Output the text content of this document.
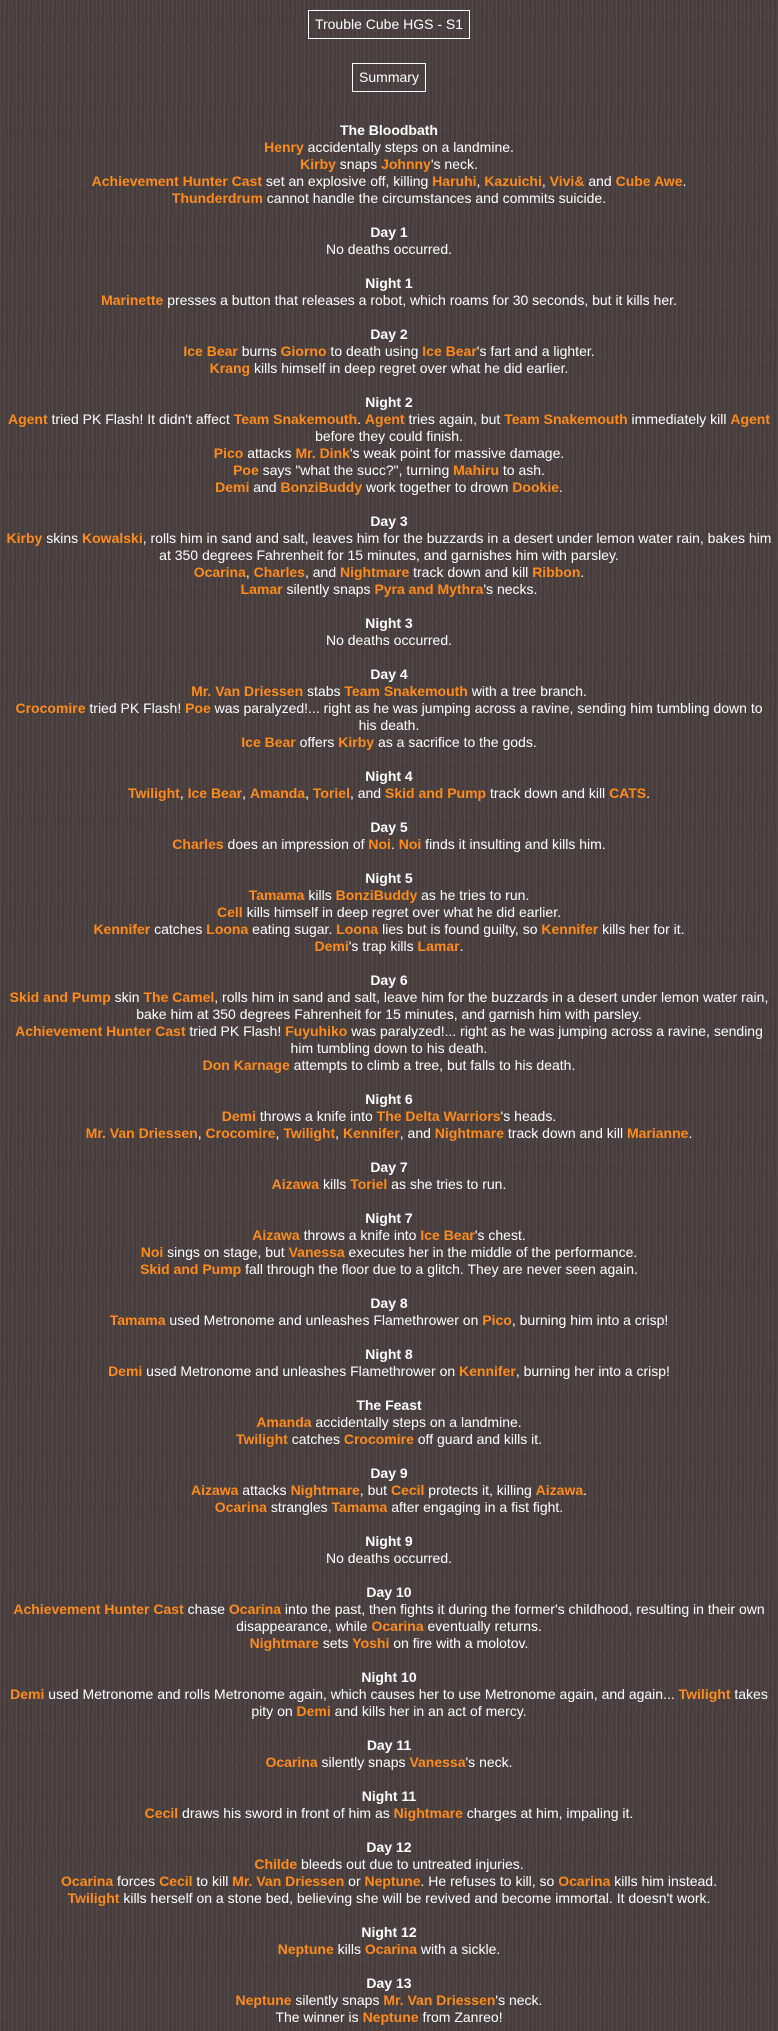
Trouble Cube HGS - S1
Summary
The Bloodbath
Henry accidentally steps on a landmine.
Kirby snaps Johnny's neck.
Achievement Hunter Cast set an explosive off, killing Haruhi, Kazuichi, Vivi& and Cube Awe.
Thunderdrum cannot handle the circumstances and commits suicide.
Day 1
No deaths occurred.
Night 1
Marinette presses a button that releases a robot, which roams for 30 seconds, but it kills her.
Day 2
Ice Bear burns Giorno to death using Ice Bear's fart and a lighter.
Krang kills himself in deep regret over what he did earlier.
Night 2
Agent tried PK Flash! It didn't affect Team Snakemouth. Agent tries again, but Team Snakemouth immediately kill Agent before they could finish.
Pico attacks Mr. Dink's weak point for massive damage.
Poe says "what the succ?", turning Mahiru to ash.
Demi and BonziBuddy work together to drown Dookie.
Day 3
Kirby skins Kowalski, rolls him in sand and salt, leaves him for the buzzards in a desert under lemon water rain, bakes him at 350 degrees Fahrenheit for 15 minutes, and garnishes him with parsley.
Ocarina, Charles, and Nightmare track down and kill Ribbon.
Lamar silently snaps Pyra and Mythra's necks.
Night 3
No deaths occurred.
Day 4
Mr. Van Driessen stabs Team Snakemouth with a tree branch.
Crocomire tried PK Flash! Poe was paralyzed!... right as he was jumping across a ravine, sending him tumbling down to his death.
Ice Bear offers Kirby as a sacrifice to the gods.
Night 4
Twilight, Ice Bear, Amanda, Toriel, and Skid and Pump track down and kill CATS.
Day 5
Charles does an impression of Noi. Noi finds it insulting and kills him.
Night 5
Tamama kills BonziBuddy as he tries to run.
Cell kills himself in deep regret over what he did earlier.
Kennifer catches Loona eating sugar. Loona lies but is found guilty, so Kennifer kills her for it.
Demi's trap kills Lamar.
Day 6
Skid and Pump skin The Camel, rolls him in sand and salt, leave him for the buzzards in a desert under lemon water rain, bake him at 350 degrees Fahrenheit for 15 minutes, and garnish him with parsley.
Achievement Hunter Cast tried PK Flash! Fuyuhiko was paralyzed!... right as he was jumping across a ravine, sending him tumbling down to his death.
Don Karnage attempts to climb a tree, but falls to his death.
Night 6
Demi throws a knife into The Delta Warriors's heads.
Mr. Van Driessen, Crocomire, Twilight, Kennifer, and Nightmare track down and kill Marianne.
Day 7
Aizawa kills Toriel as she tries to run.
Night 7
Aizawa throws a knife into Ice Bear's chest.
Noi sings on stage, but Vanessa executes her in the middle of the performance.
Skid and Pump fall through the floor due to a glitch. They are never seen again.
Day 8
Tamama used Metronome and unleashes Flamethrower on Pico, burning him into a crisp!
Night 8
Demi used Metronome and unleashes Flamethrower on Kennifer, burning her into a crisp!
The Feast
Amanda accidentally steps on a landmine.
Twilight catches Crocomire off guard and kills it.
Day 9
Aizawa attacks Nightmare, but Cecil protects it, killing Aizawa.
Ocarina strangles Tamama after engaging in a fist fight.
Night 9
No deaths occurred.
Day 10
Achievement Hunter Cast chase Ocarina into the past, then fights it during the former's childhood, resulting in their own disappearance, while Ocarina eventually returns.
Nightmare sets Yoshi on fire with a molotov.
Night 10
Demi used Metronome and rolls Metronome again, which causes her to use Metronome again, and again... Twilight takes pity on Demi and kills her in an act of mercy.
Day 11
Ocarina silently snaps Vanessa's neck.
Night 11
Cecil draws his sword in front of him as Nightmare charges at him, impaling it.
Day 12
Childe bleeds out due to untreated injuries.
Ocarina forces Cecil to kill Mr. Van Driessen or Neptune. He refuses to kill, so Ocarina kills him instead.
Twilight kills herself on a stone bed, believing she will be revived and become immortal. It doesn't work.
Night 12
Neptune kills Ocarina with a sickle.
Day 13
Neptune silently snaps Mr. Van Driessen's neck.
The winner is Neptune from Zanreo!
